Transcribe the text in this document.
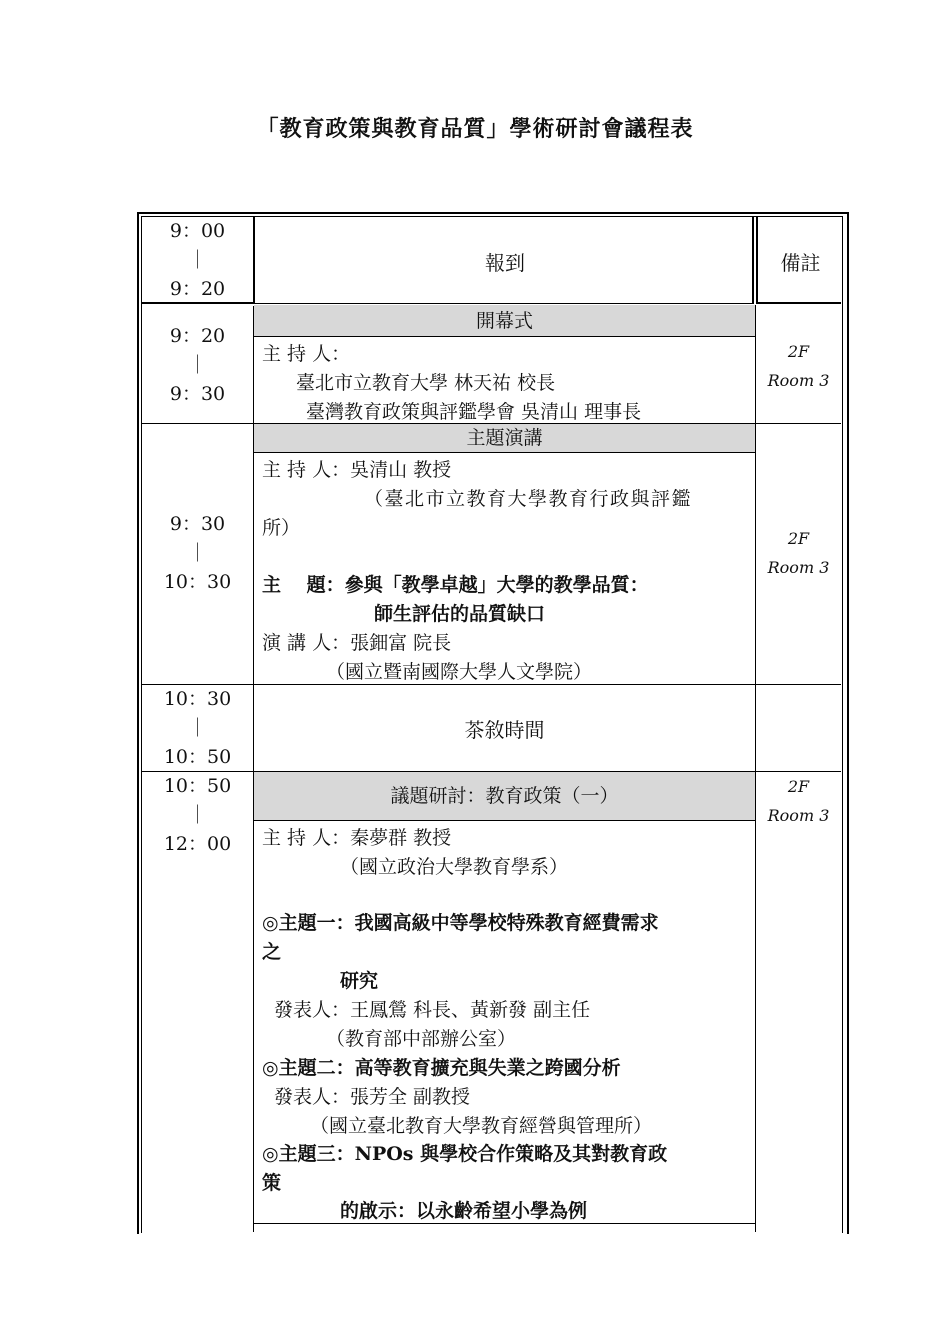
「教育政策與教育品質」學術研討會議程表
9：00
｜
9：20
報到	備註
9：20
｜
9：30
開幕式
主 持 人：
臺北市立教育大學 林天祐 校長
臺灣教育政策與評鑑學會 吳清山 理事長
2F
Room 3
9：30
｜
10：30
主題演講
主 持 人：吳清山 教授
（臺北市立教育大學教育行政與評鑑
所）
主　 題：參與「教學卓越」大學的教學品質：
師生評估的品質缺口
演 講 人：張鈿富 院長
（國立暨南國際大學人文學院）
2F
Room 3
10：30
｜
10：50
茶敘時間
10：50
｜
12：00
議題研討：教育政策（一）
主 持 人：秦夢群 教授
（國立政治大學教育學系）
◎主題一：我國高級中等學校特殊教育經費需求
之
研究
發表人：王鳳鶯 科長、黃新發 副主任
（教育部中部辦公室）
◎主題二：高等教育擴充與失業之跨國分析
發表人：張芳全 副教授
（國立臺北教育大學教育經營與管理所）
◎主題三：NPOs 與學校合作策略及其對教育政
策
的啟示：以永齡希望小學為例
2F
Room 3
